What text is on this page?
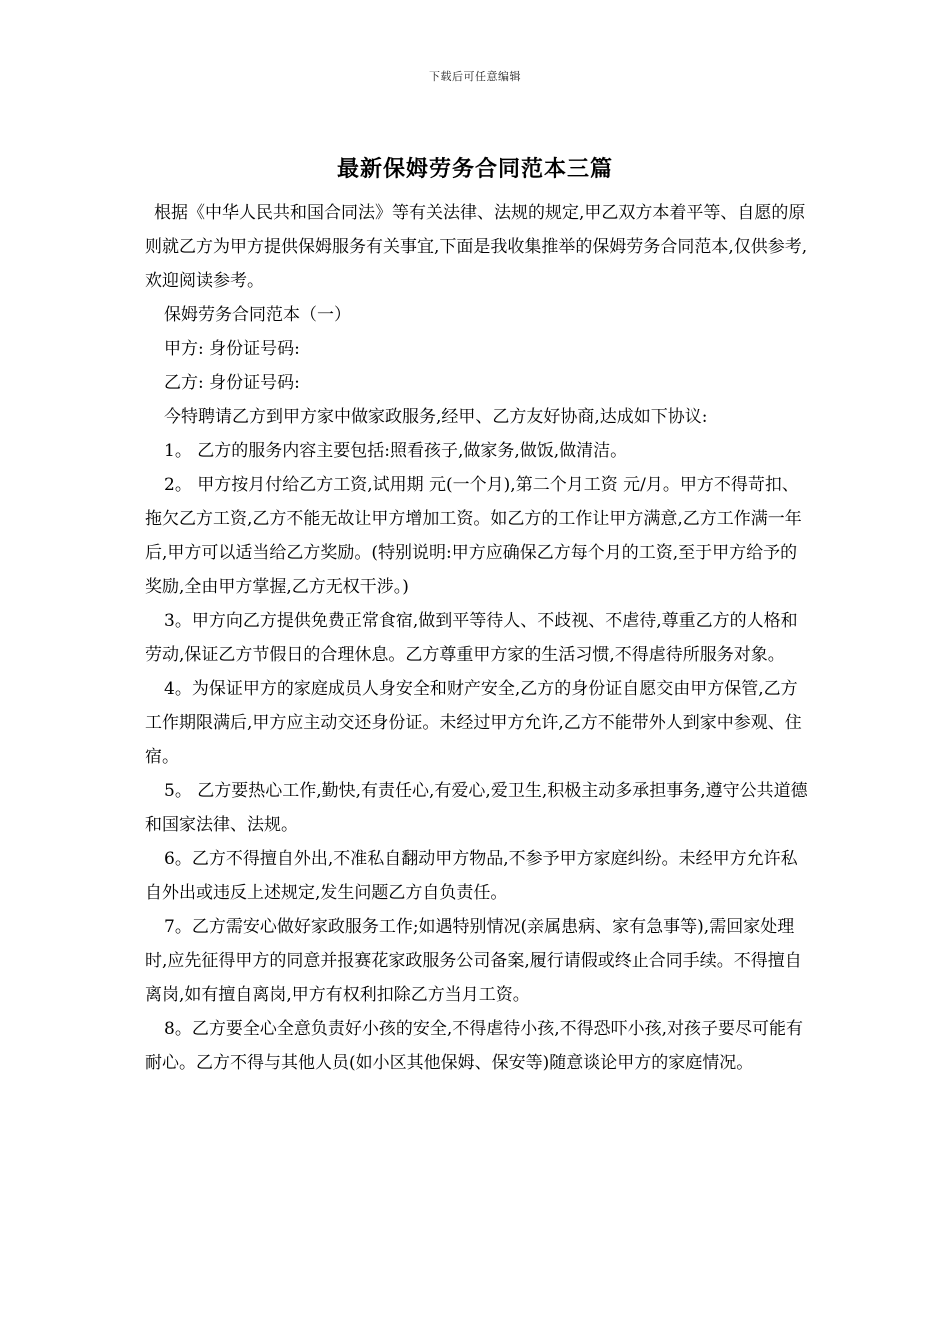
下载后可任意编辑
最新保姆劳务合同范本三篇

根据《中华人民共和国合同法》等有关法律、法规的规定,甲乙双方本着平等、自愿的原则就乙方为甲方提供保姆服务有关事宜,下面是我收集推举的保姆劳务合同范本,仅供参考,欢迎阅读参考。

保姆劳务合同范本（一）

甲方: 身份证号码:

乙方: 身份证号码:

今特聘请乙方到甲方家中做家政服务,经甲、乙方友好协商,达成如下协议:

1。 乙方的服务内容主要包括:照看孩子,做家务,做饭,做清洁。

2。 甲方按月付给乙方工资,试用期 元(一个月),第二个月工资 元/月。甲方不得苛扣、拖欠乙方工资,乙方不能无故让甲方增加工资。如乙方的工作让甲方满意,乙方工作满一年后,甲方可以适当给乙方奖励。(特别说明:甲方应确保乙方每个月的工资,至于甲方给予的奖励,全由甲方掌握,乙方无权干涉。)

3。甲方向乙方提供免费正常食宿,做到平等待人、不歧视、不虐待,尊重乙方的人格和劳动,保证乙方节假日的合理休息。乙方尊重甲方家的生活习惯,不得虐待所服务对象。

4。为保证甲方的家庭成员人身安全和财产安全,乙方的身份证自愿交由甲方保管,乙方工作期限满后,甲方应主动交还身份证。未经过甲方允许,乙方不能带外人到家中参观、住宿。

5。 乙方要热心工作,勤快,有责任心,有爱心,爱卫生,积极主动多承担事务,遵守公共道德和国家法律、法规。

6。乙方不得擅自外出,不准私自翻动甲方物品,不参予甲方家庭纠纷。未经甲方允许私自外出或违反上述规定,发生问题乙方自负责任。

7。乙方需安心做好家政服务工作;如遇特别情况(亲属患病、家有急事等),需回家处理时,应先征得甲方的同意并报赛花家政服务公司备案,履行请假或终止合同手续。不得擅自离岗,如有擅自离岗,甲方有权利扣除乙方当月工资。

8。乙方要全心全意负责好小孩的安全,不得虐待小孩,不得恐吓小孩,对孩子要尽可能有耐心。乙方不得与其他人员(如小区其他保姆、保安等)随意谈论甲方的家庭情况。
